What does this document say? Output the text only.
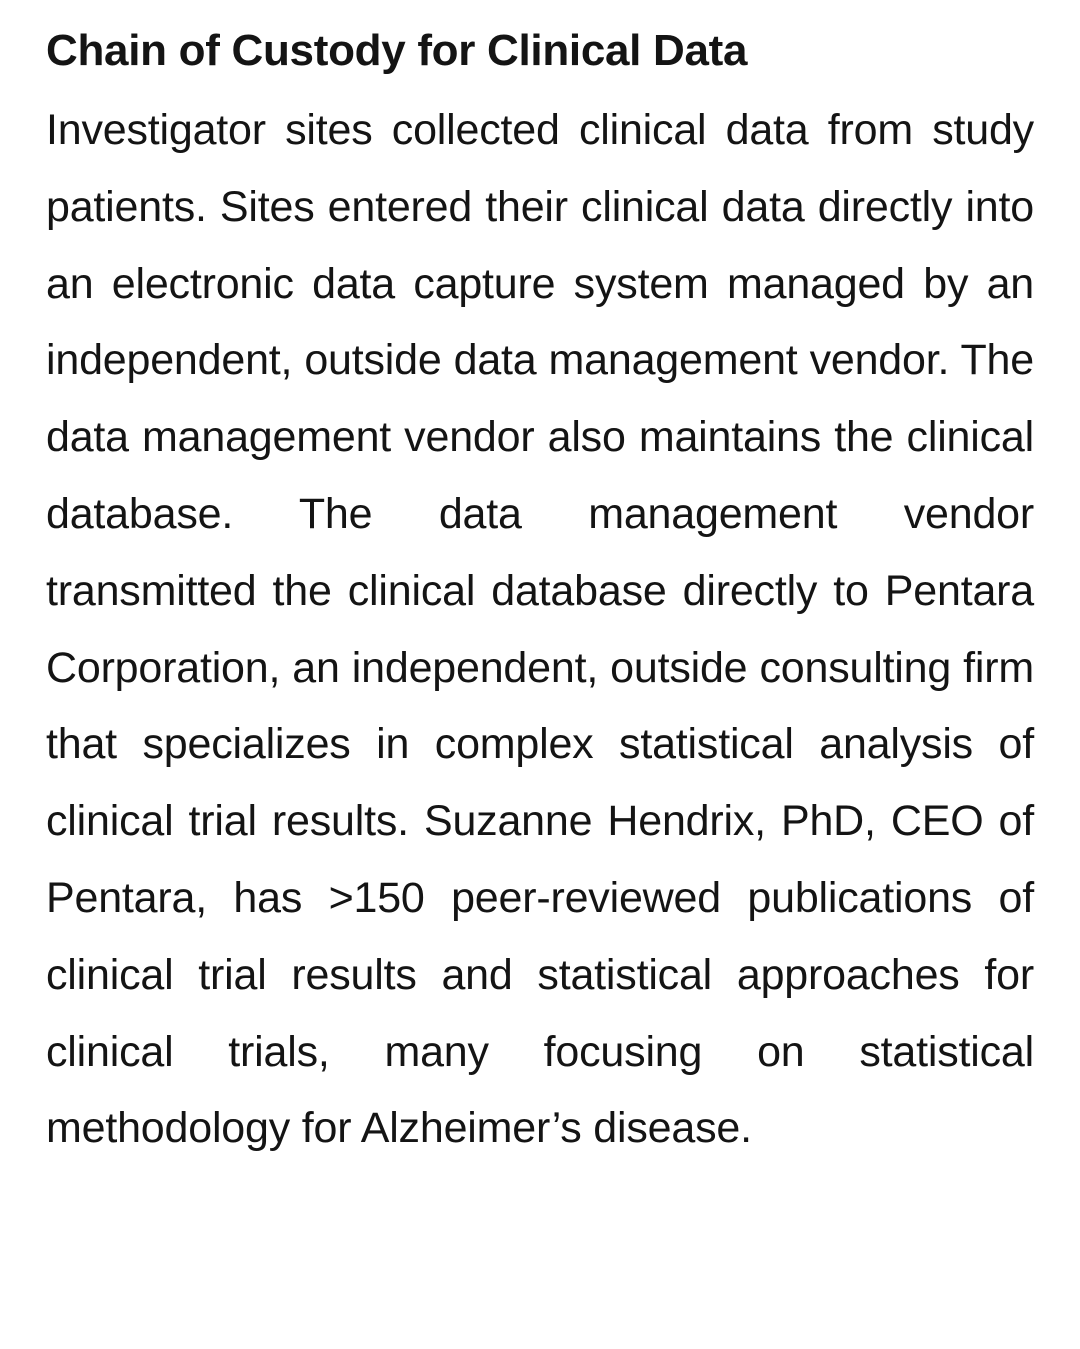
Chain of Custody for Clinical Data

Investigator sites collected clinical data from study patients. Sites entered their clinical data directly into an electronic data capture system managed by an independent, outside data management vendor. The data management vendor also maintains the clinical database. The data management vendor transmitted the clinical database directly to Pentara Corporation, an independent, outside consulting firm that specializes in complex statistical analysis of clinical trial results. Suzanne Hendrix, PhD, CEO of Pentara, has >150 peer-reviewed publications of clinical trial results and statistical approaches for clinical trials, many focusing on statistical methodology for Alzheimer’s disease.
